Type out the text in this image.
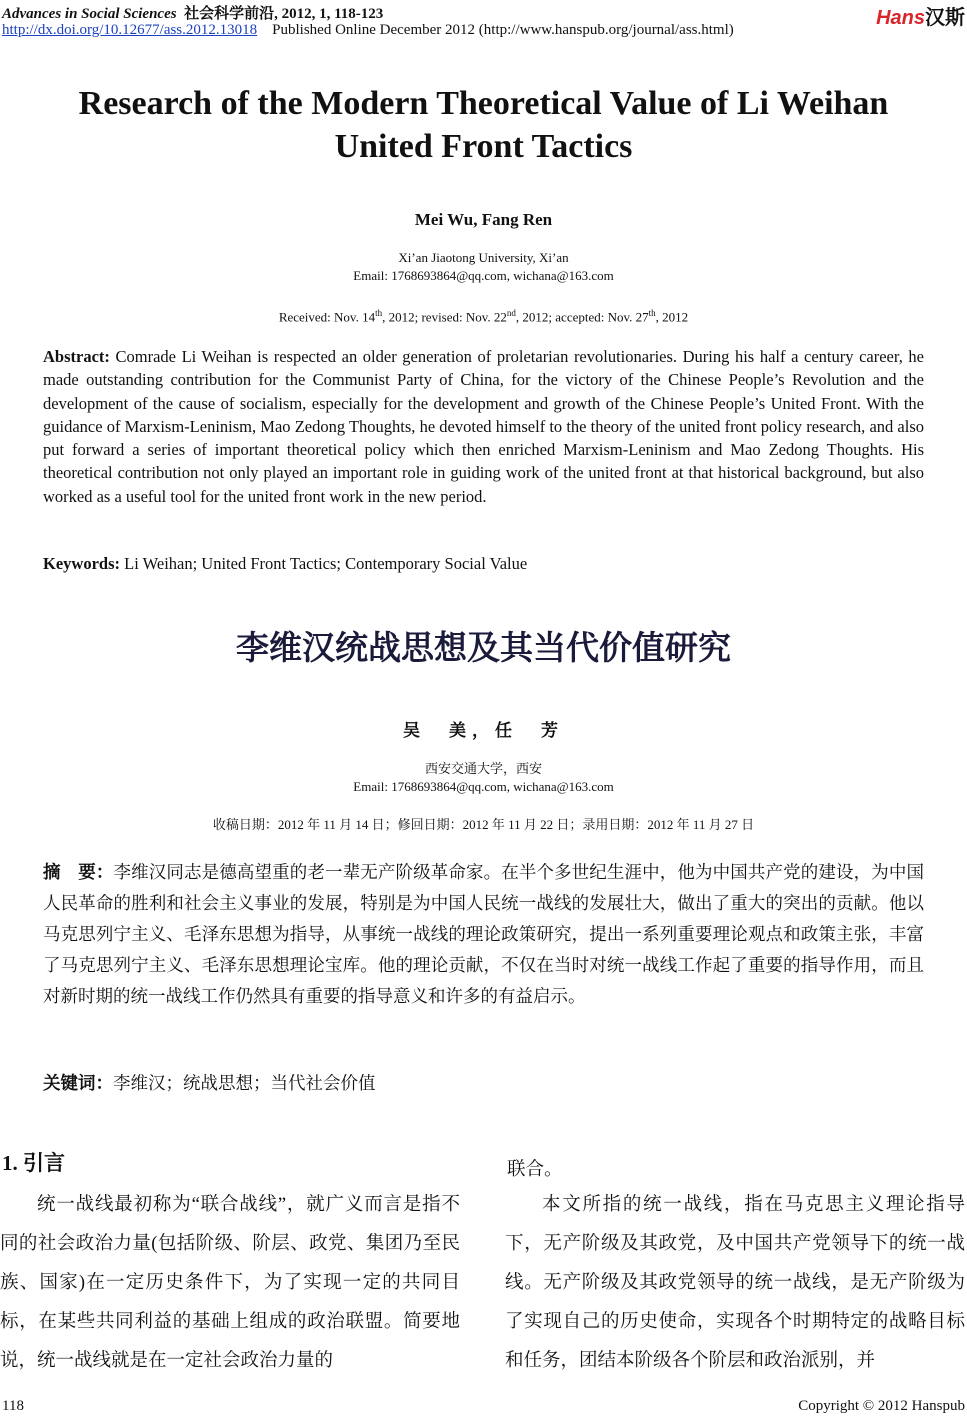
Advances in Social Sciences 社会科学前沿, 2012, 1, 118-123
http://dx.doi.org/10.12677/ass.2012.13018 Published Online December 2012 (http://www.hanspub.org/journal/ass.html)
Hans汉斯
Research of the Modern Theoretical Value of Li Weihan
United Front Tactics
Mei Wu, Fang Ren
Xi’an Jiaotong University, Xi’an
Email: 1768693864@qq.com, wichana@163.com
Received: Nov. 14th, 2012; revised: Nov. 22nd, 2012; accepted: Nov. 27th, 2012
Abstract: Comrade Li Weihan is respected an older generation of proletarian revolutionaries. During his half a century career, he made outstanding contribution for the Communist Party of China, for the victory of the Chinese People’s Revolution and the development of the cause of socialism, especially for the development and growth of the Chinese People’s United Front. With the guidance of Marxism-Leninism, Mao Zedong Thoughts, he devoted himself to the theory of the united front policy research, and also put forward a series of important theoretical policy which then enriched Marxism-Leninism and Mao Zedong Thoughts. His theoretical contribution not only played an important role in guiding work of the united front at that historical background, but also worked as a useful tool for the united front work in the new period.
Keywords: Li Weihan; United Front Tactics; Contemporary Social Value
李维汉统战思想及其当代价值研究
吴　美，任　芳
西安交通大学，西安
Email: 1768693864@qq.com, wichana@163.com
收稿日期：2012 年 11 月 14 日；修回日期：2012 年 11 月 22 日；录用日期：2012 年 11 月 27 日
摘　要：李维汉同志是德高望重的老一辈无产阶级革命家。在半个多世纪生涯中，他为中国共产党的建设，为中国人民革命的胜利和社会主义事业的发展，特别是为中国人民统一战线的发展壮大，做出了重大的突出的贡献。他以马克思列宁主义、毛泽东思想为指导，从事统一战线的理论政策研究，提出一系列重要理论观点和政策主张，丰富了马克思列宁主义、毛泽东思想理论宝库。他的理论贡献，不仅在当时对统一战线工作起了重要的指导作用，而且对新时期的统一战线工作仍然具有重要的指导意义和许多的有益启示。
关键词：李维汉；统战思想；当代社会价值
1. 引言
统一战线最初称为“联合战线”，就广义而言是指不同的社会政治力量(包括阶级、阶层、政党、集团乃至民族、国家)在一定历史条件下，为了实现一定的共同目标，在某些共同利益的基础上组成的政治联盟。简要地说，统一战线就是在一定社会政治力量的
联合。
本文所指的统一战线，指在马克思主义理论指导下，无产阶级及其政党，及中国共产党领导下的统一战线。无产阶级及其政党领导的统一战线，是无产阶级为了实现自己的历史使命，实现各个时期特定的战略目标和任务，团结本阶级各个阶层和政治派别，并
118	Copyright © 2012 Hanspub
